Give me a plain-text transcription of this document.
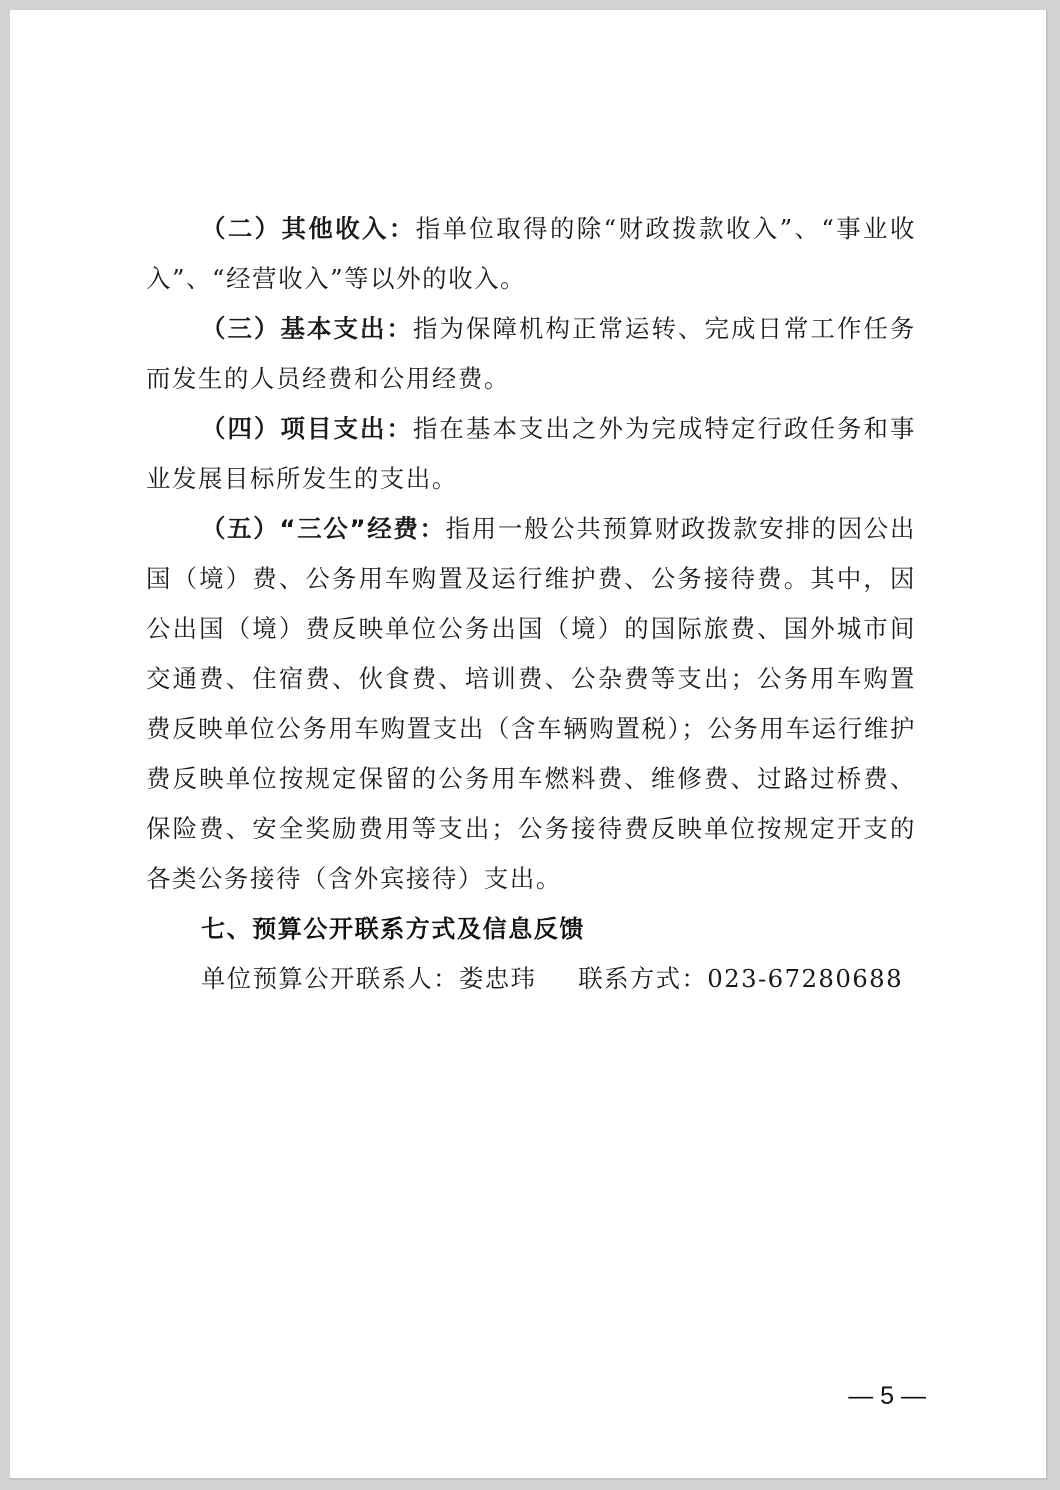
（二）其他收入：指单位取得的除“财政拨款收入”、“事业收入”、“经营收入”等以外的收入。

（三）基本支出：指为保障机构正常运转、完成日常工作任务而发生的人员经费和公用经费。

（四）项目支出：指在基本支出之外为完成特定行政任务和事业发展目标所发生的支出。

（五）“三公”经费：指用一般公共预算财政拨款安排的因公出国（境）费、公务用车购置及运行维护费、公务接待费。其中，因公出国（境）费反映单位公务出国（境）的国际旅费、国外城市间交通费、住宿费、伙食费、培训费、公杂费等支出；公务用车购置费反映单位公务用车购置支出（含车辆购置税）；公务用车运行维护费反映单位按规定保留的公务用车燃料费、维修费、过路过桥费、保险费、安全奖励费用等支出；公务接待费反映单位按规定开支的各类公务接待（含外宾接待）支出。

七、预算公开联系方式及信息反馈

单位预算公开联系人：娄忠玮 联系方式：023-67280688

— 5 —
